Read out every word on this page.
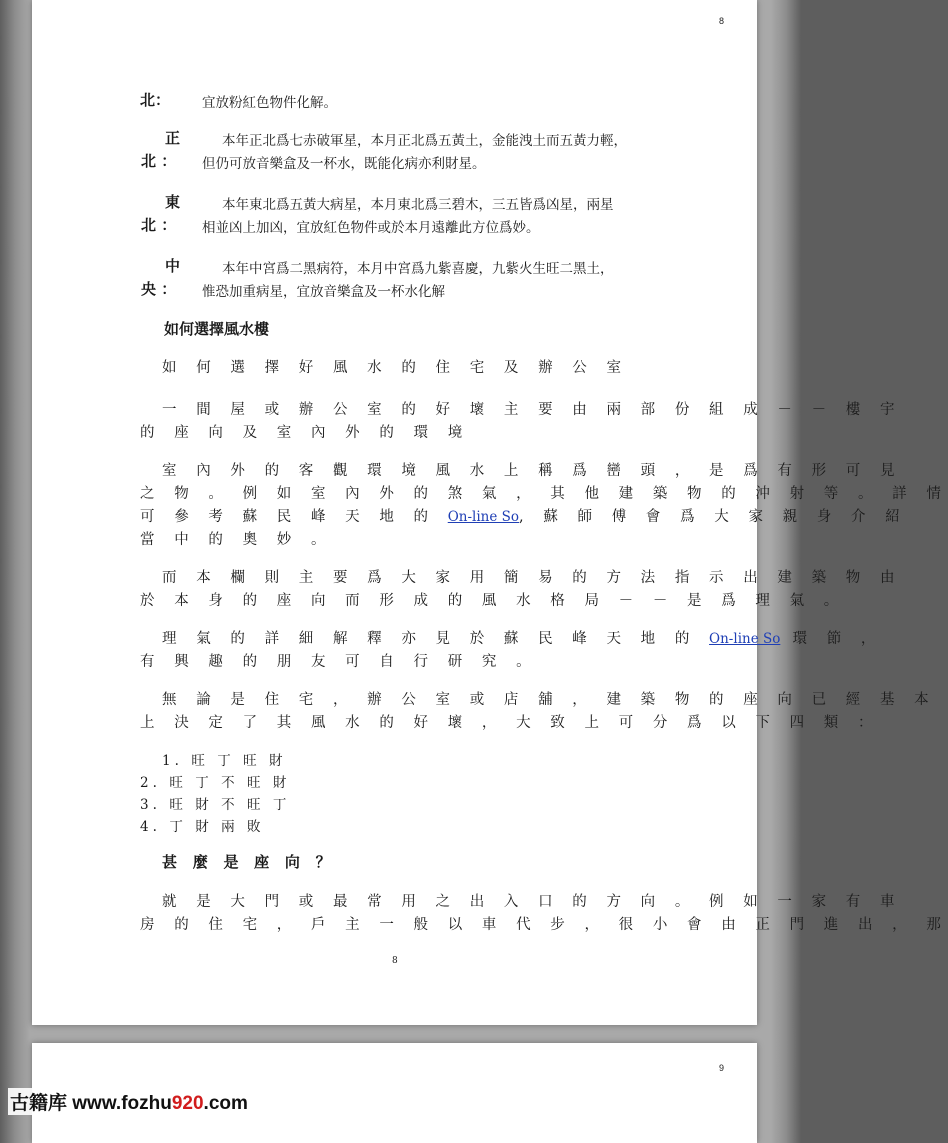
8
北： 宜放粉紅色物件化解。
正
北 ：
本年正北爲七赤破軍星，本月正北爲五黃土，金能洩土而五黃力輕，
但仍可放音樂盒及一杯水，既能化病亦利財星。
東
北 ：
本年東北爲五黃大病星，本月東北爲三碧木，三五皆爲凶星，兩星
相並凶上加凶，宜放紅色物件或於本月遠離此方位爲妙。
中
央 ：
本年中宮爲二黑病符，本月中宮爲九紫喜慶，九紫火生旺二黑土，
惟恐加重病星，宜放音樂盒及一杯水化解
如何選擇風水樓
如 何 選 擇 好 風 水 的 住 宅 及 辦 公 室
一 間 屋 或 辦 公 室 的 好 壞 主 要 由 兩 部 份 組 成 － － 樓 宇
的 座 向 及 室 內 外 的 環 境
室 內 外 的 客 觀 環 境 風 水 上 稱 爲 巒 頭 ， 是 爲 有 形 可 見
之 物 。 例 如 室 內 外 的 煞 氣 ， 其 他 建 築 物 的 沖 射 等 。 詳 情
可 參 考 蘇 民 峰 天 地 的 On-line So, 蘇 師 傅 會 爲 大 家 親 身 介 紹
當 中 的 奧 妙 。
而 本 欄 則 主 要 爲 大 家 用 簡 易 的 方 法 指 示 出 建 築 物 由
於 本 身 的 座 向 而 形 成 的 風 水 格 局 － － 是 爲 理 氣 。
理 氣 的 詳 細 解 釋 亦 見 於 蘇 民 峰 天 地 的 On-line So 環 節 ，
有 興 趣 的 朋 友 可 自 行 研 究 。
無 論 是 住 宅 ， 辦 公 室 或 店 舖 ， 建 築 物 的 座 向 已 經 基 本
上 決 定 了 其 風 水 的 好 壞 ， 大 致 上 可 分 爲 以 下 四 類 ：
1. 旺 丁 旺 財
2. 旺 丁 不 旺 財
3. 旺 財 不 旺 丁
4. 丁 財 兩 敗
甚 麼 是 座 向 ？
就 是 大 門 或 最 常 用 之 出 入 口 的 方 向 。 例 如 一 家 有 車
房 的 住 宅 ， 戶 主 一 般 以 車 代 步 ， 很 小 會 由 正 門 進 出 ， 那
8
9
古籍库 www.fozhu920.com
